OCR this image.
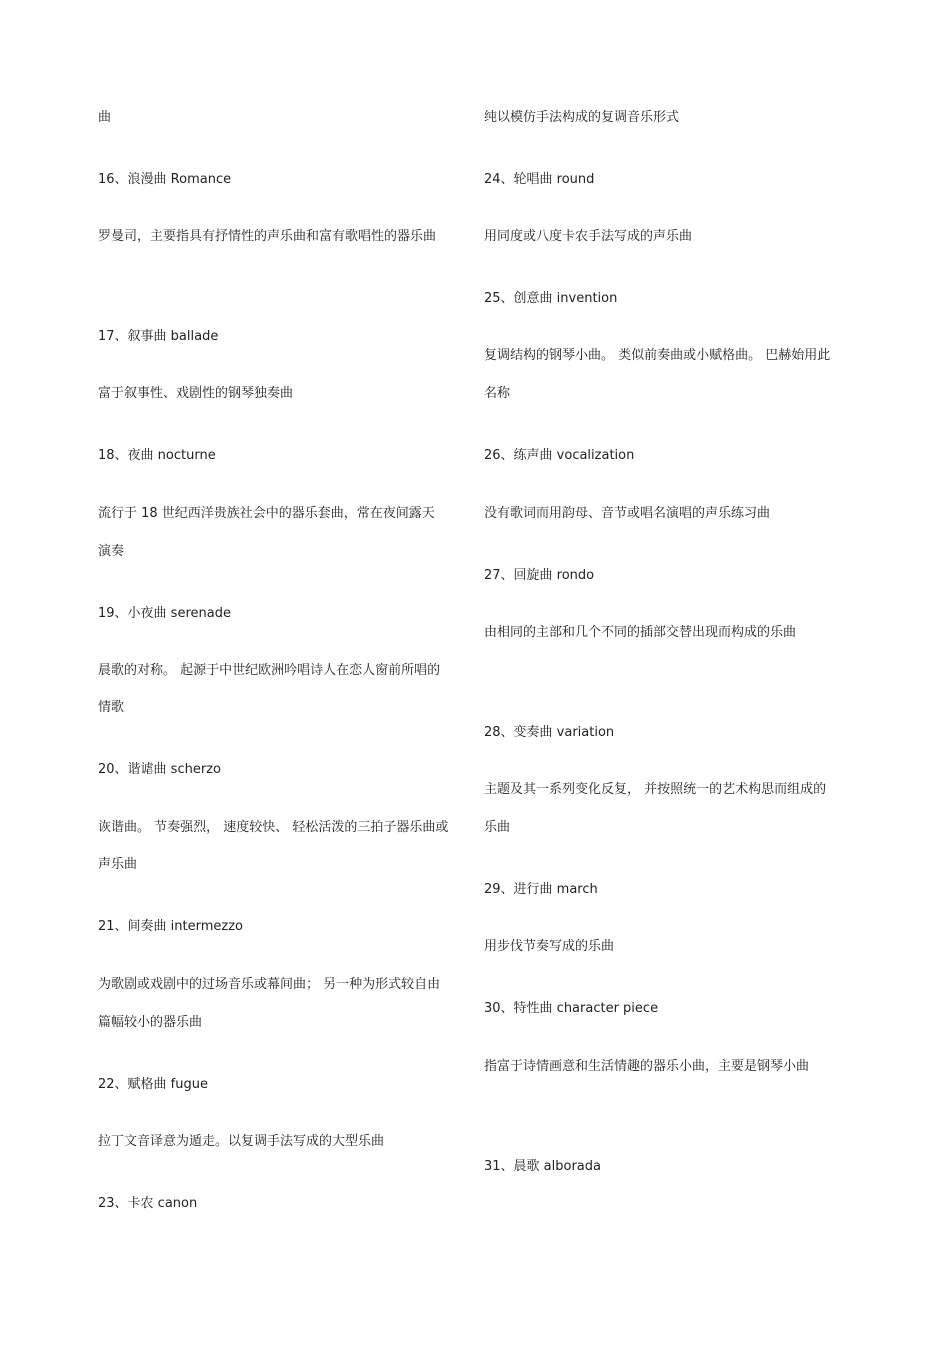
曲
16、浪漫曲 Romance
罗曼司，主要指具有抒情性的声乐曲和富有歌唱性的器乐曲
17、叙事曲 ballade
富于叙事性、戏剧性的钢琴独奏曲
18、夜曲 nocturne
流行于 18 世纪西洋贵族社会中的器乐套曲，常在夜间露天
演奏
19、小夜曲 serenade
晨歌的对称。 起源于中世纪欧洲吟唱诗人在恋人窗前所唱的
情歌
20、谐谑曲 scherzo
诙谐曲。 节奏强烈， 速度较快、 轻松活泼的三拍子器乐曲或
声乐曲
21、间奏曲 intermezzo
为歌剧或戏剧中的过场音乐或幕间曲； 另一种为形式较自由
篇幅较小的器乐曲
22、赋格曲 fugue
拉丁文音译意为遁走。以复调手法写成的大型乐曲
23、卡农 canon
纯以模仿手法构成的复调音乐形式
24、轮唱曲 round
用同度或八度卡农手法写成的声乐曲
25、创意曲 invention
复调结构的钢琴小曲。 类似前奏曲或小赋格曲。 巴赫始用此
名称
26、练声曲 vocalization
没有歌词而用韵母、音节或唱名演唱的声乐练习曲
27、回旋曲 rondo
由相同的主部和几个不同的插部交替出现而构成的乐曲
28、变奏曲 variation
主题及其一系列变化反复， 并按照统一的艺术构思而组成的
乐曲
29、进行曲 march
用步伐节奏写成的乐曲
30、特性曲 character piece
指富于诗情画意和生活情趣的器乐小曲，主要是钢琴小曲
31、晨歌 alborada
